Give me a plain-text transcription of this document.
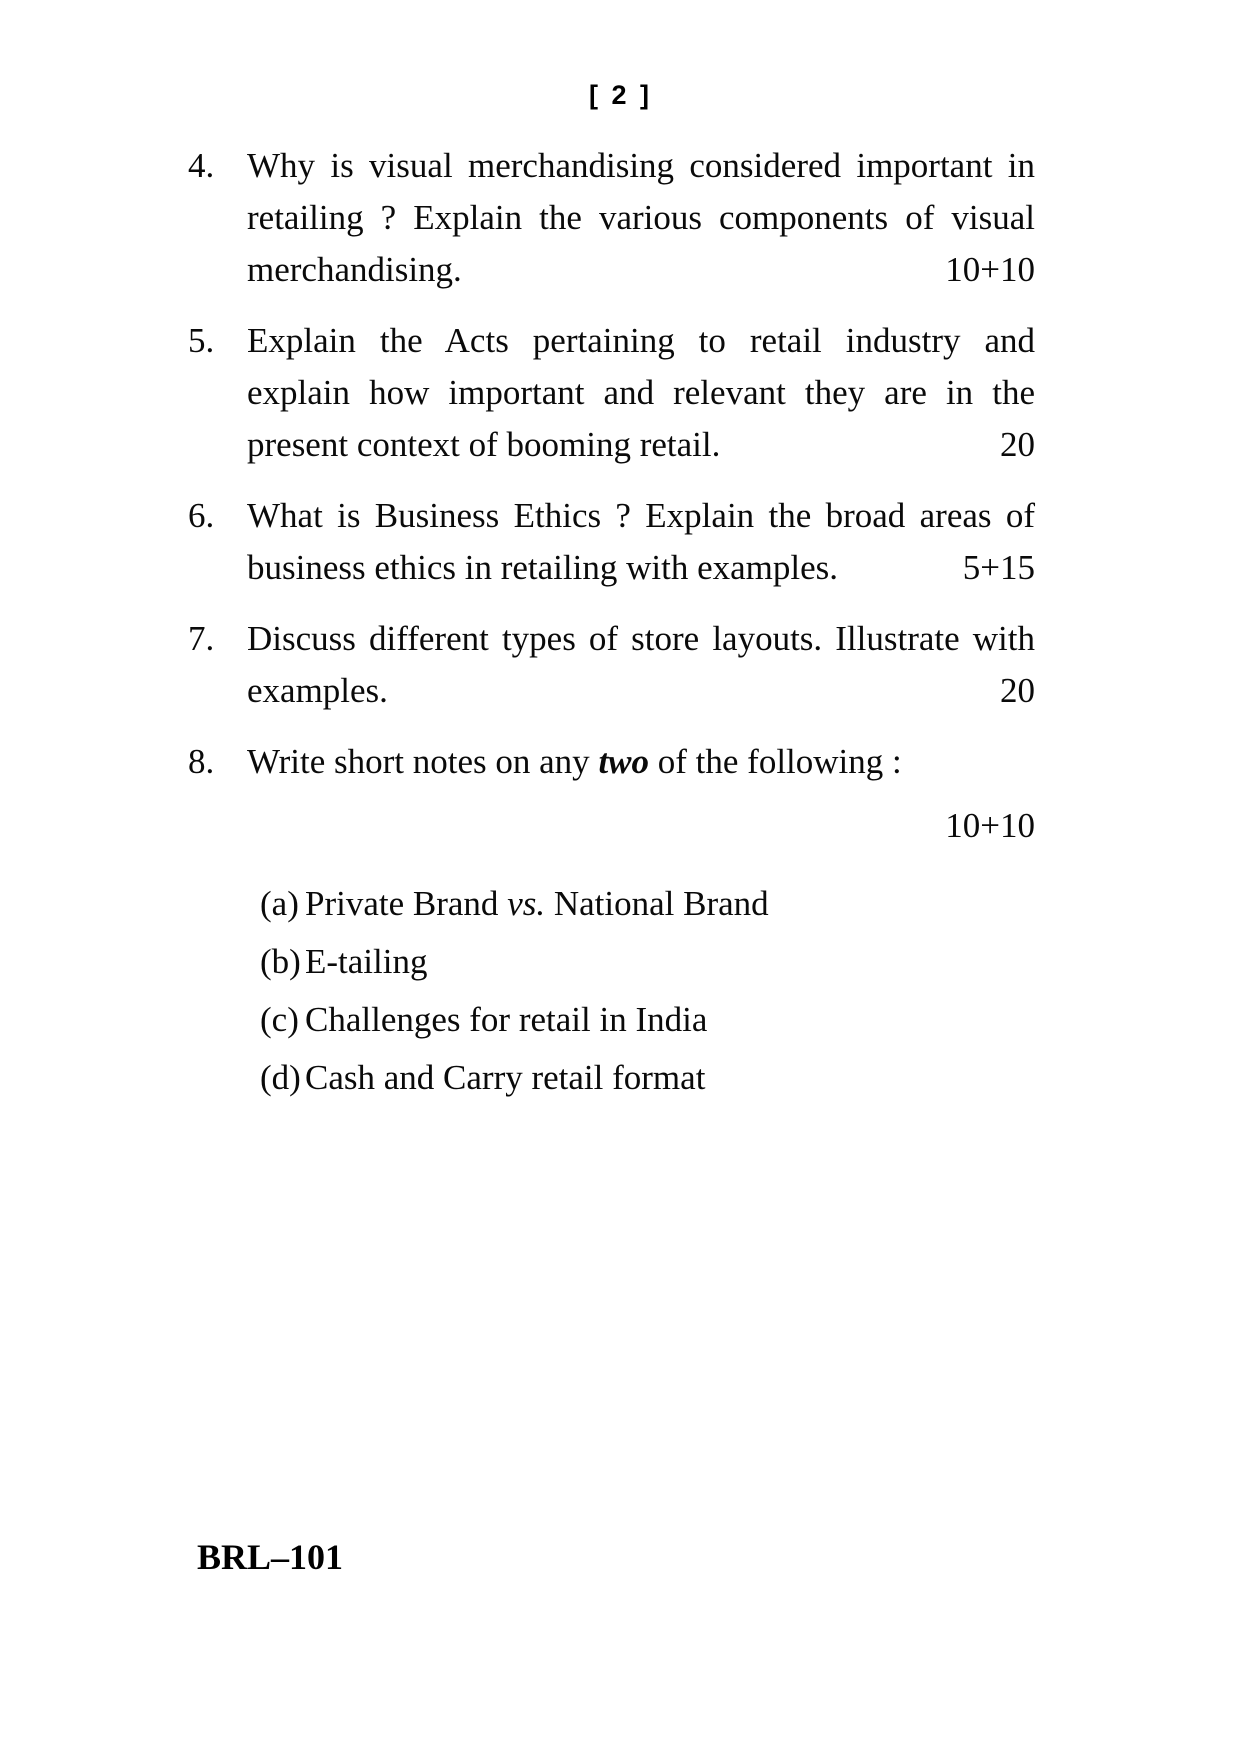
[ 2 ]
4. Why is visual merchandising considered important in retailing ? Explain the various components of visual merchandising.	10+10
5. Explain the Acts pertaining to retail industry and explain how important and relevant they are in the present context of booming retail.	20
6. What is Business Ethics ? Explain the broad areas of business ethics in retailing with examples.	5+15
7. Discuss different types of store layouts. Illustrate with examples.	20
8. Write short notes on any two of the following :
10+10
(a) Private Brand vs. National Brand
(b) E-tailing
(c) Challenges for retail in India
(d) Cash and Carry retail format
BRL–101
